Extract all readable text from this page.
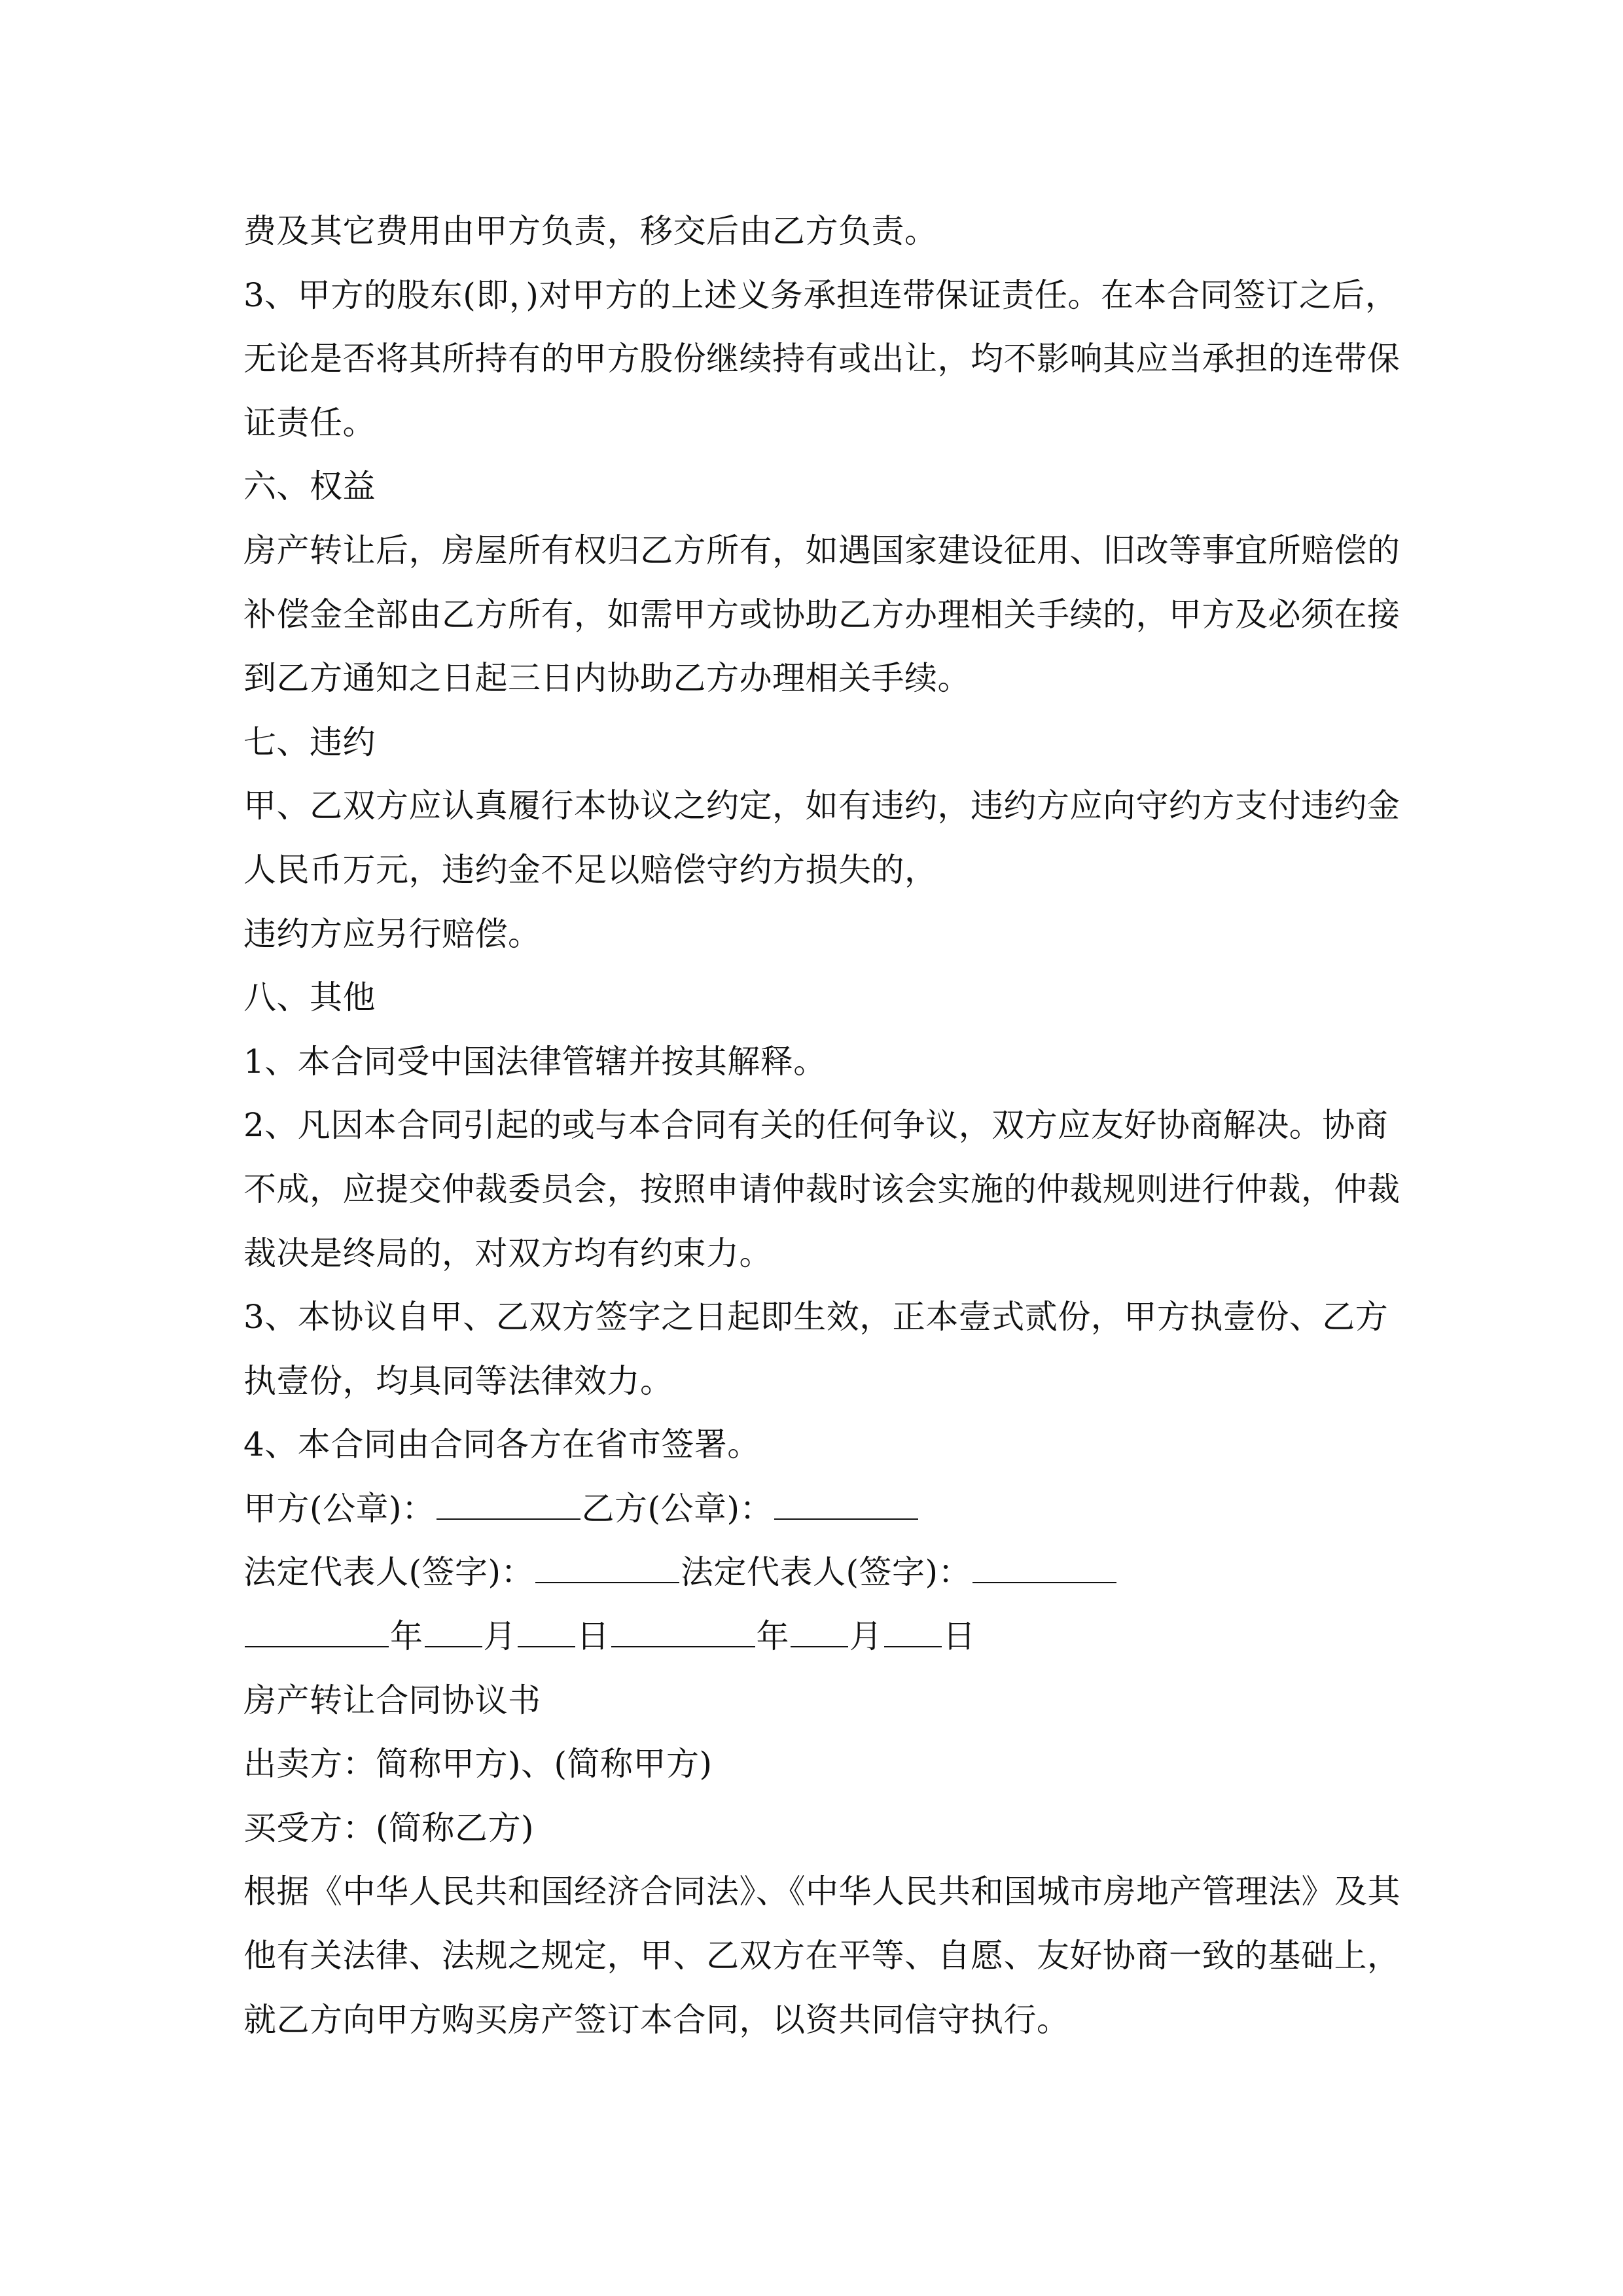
费及其它费用由甲方负责，移交后由乙方负责。
3、甲方的股东(即，)对甲方的上述义务承担连带保证责任。在本合同签订之后，
无论是否将其所持有的甲方股份继续持有或出让，均不影响其应当承担的连带保
证责任。
六、权益
房产转让后，房屋所有权归乙方所有，如遇国家建设征用、旧改等事宜所赔偿的
补偿金全部由乙方所有，如需甲方或协助乙方办理相关手续的，甲方及必须在接
到乙方通知之日起三日内协助乙方办理相关手续。
七、违约
甲、乙双方应认真履行本协议之约定，如有违约，违约方应向守约方支付违约金
人民币万元，违约金不足以赔偿守约方损失的，
违约方应另行赔偿。
八、其他
1、本合同受中国法律管辖并按其解释。
2、凡因本合同引起的或与本合同有关的任何争议，双方应友好协商解决。协商
不成，应提交仲裁委员会，按照申请仲裁时该会实施的仲裁规则进行仲裁，仲裁
裁决是终局的，对双方均有约束力。
3、本协议自甲、乙双方签字之日起即生效，正本壹式贰份，甲方执壹份、乙方
执壹份，均具同等法律效力。
4、本合同由合同各方在省市签署。
甲方(公章)：	乙方(公章)：
法定代表人(签字)：	法定代表人(签字)：
年 月 日	年 月 日
房产转让合同协议书
出卖方：简称甲方)、(简称甲方)
买受方：(简称乙方)
根据《中华人民共和国经济合同法》、《中华人民共和国城市房地产管理法》及其
他有关法律、法规之规定，甲、乙双方在平等、自愿、友好协商一致的基础上，
就乙方向甲方购买房产签订本合同，以资共同信守执行。
